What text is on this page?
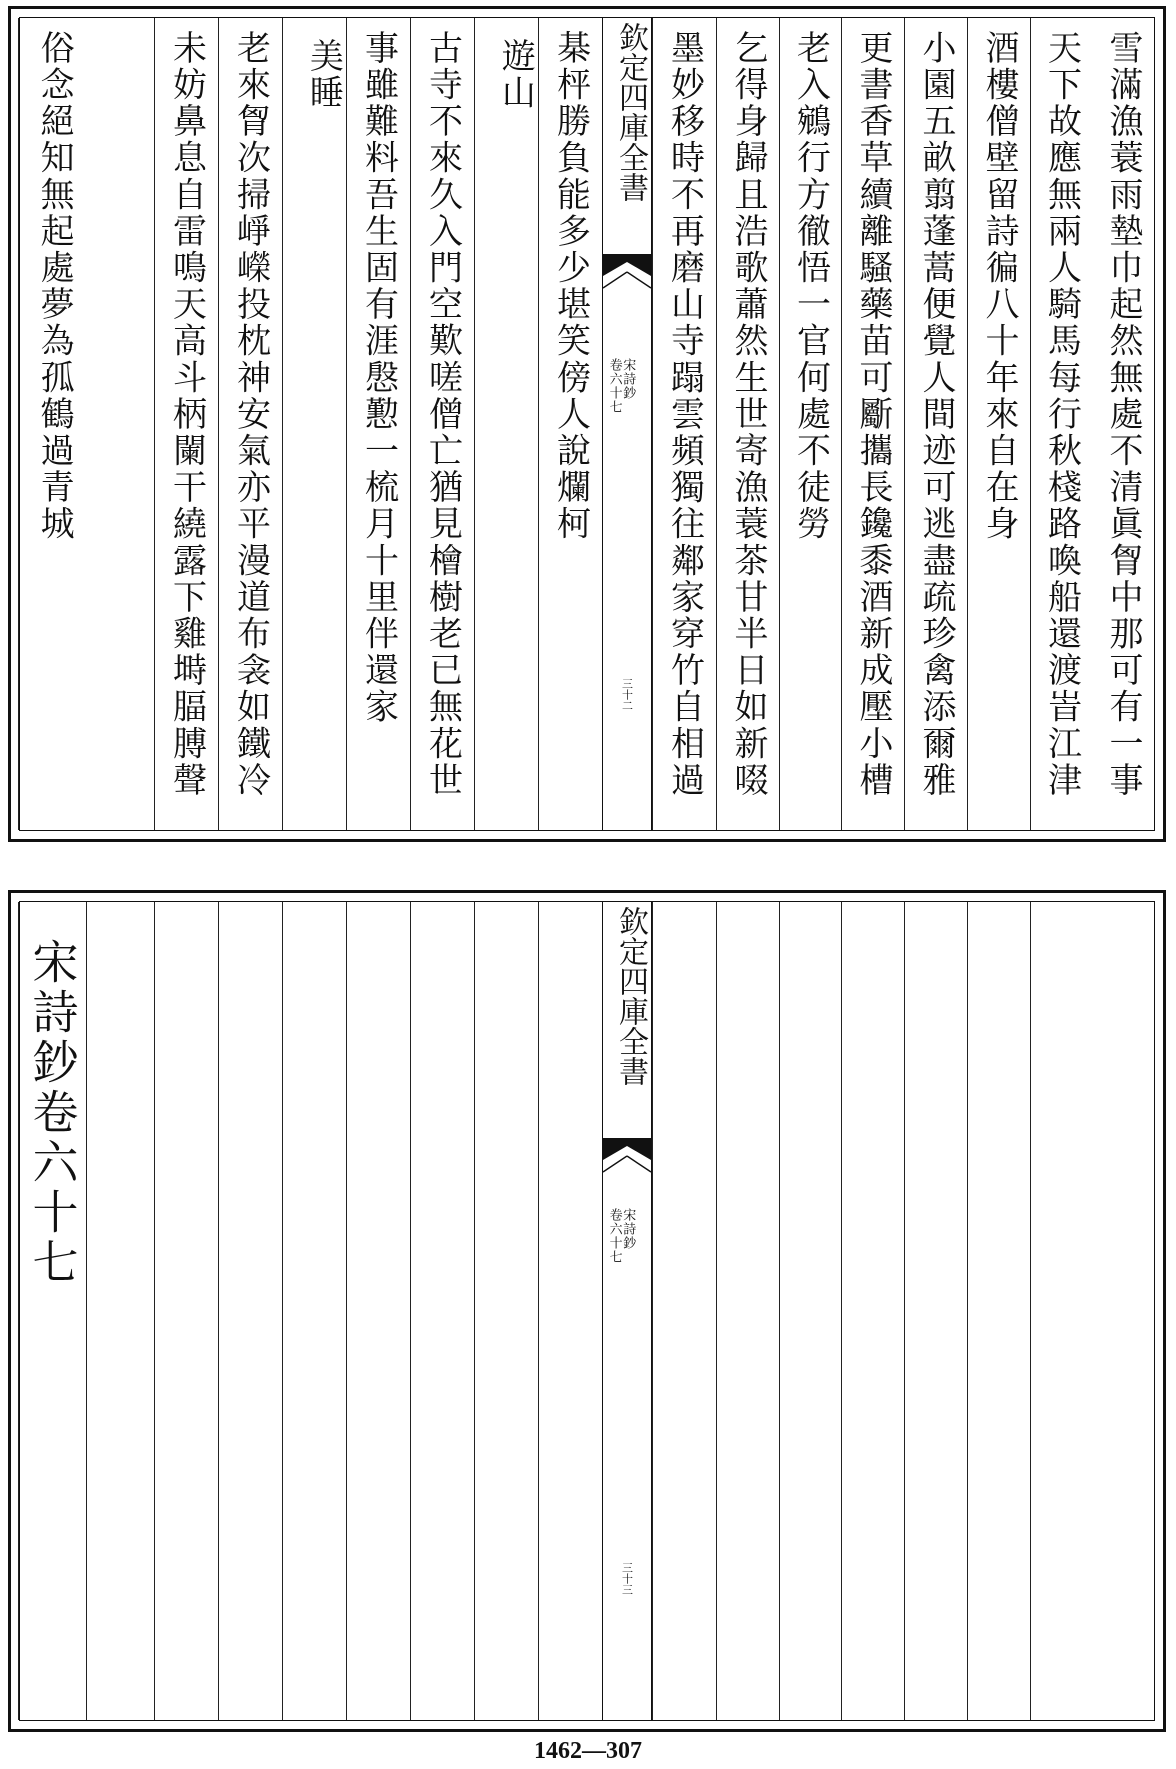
雪滿漁蓑雨墊巾起然無處不清眞胷中那可有一事
天下故應無兩人騎馬每行秋棧路喚船還渡峕江津
酒樓僧壁留詩徧八十年來自在身
小園五畝翦蓬蒿便覺人間迹可逃盡疏珍禽添爾雅
更書香草續離騷藥苗可斸攜長鑱黍酒新成壓小槽
老入鵷行方徹悟一官何處不徒勞
乞得身歸且浩歌蕭然生世寄漁蓑茶甘半日如新啜
墨妙移時不再磨山寺蹋雲頻獨往鄰家穿竹自相過
欽定四庫全書
宋詩鈔
卷六十七
三十二
棊枰勝負能多少堪笑傍人說爛柯
遊山
古寺不來久入門空歎嗟僧亡猶見檜樹老已無花世
事雖難料吾生固有涯慇懃一梳月十里伴還家
美睡
老來胷次掃崢嶸投枕神安氣亦平漫道布衾如鐵冷
未妨鼻息自雷鳴天高斗柄闌干繞露下雞塒腷膊聲
俗念絕知無起處夢為孤鶴過青城
欽定四庫全書
宋詩鈔
卷六十七
三十三
宋詩鈔卷六十七
1462—307
